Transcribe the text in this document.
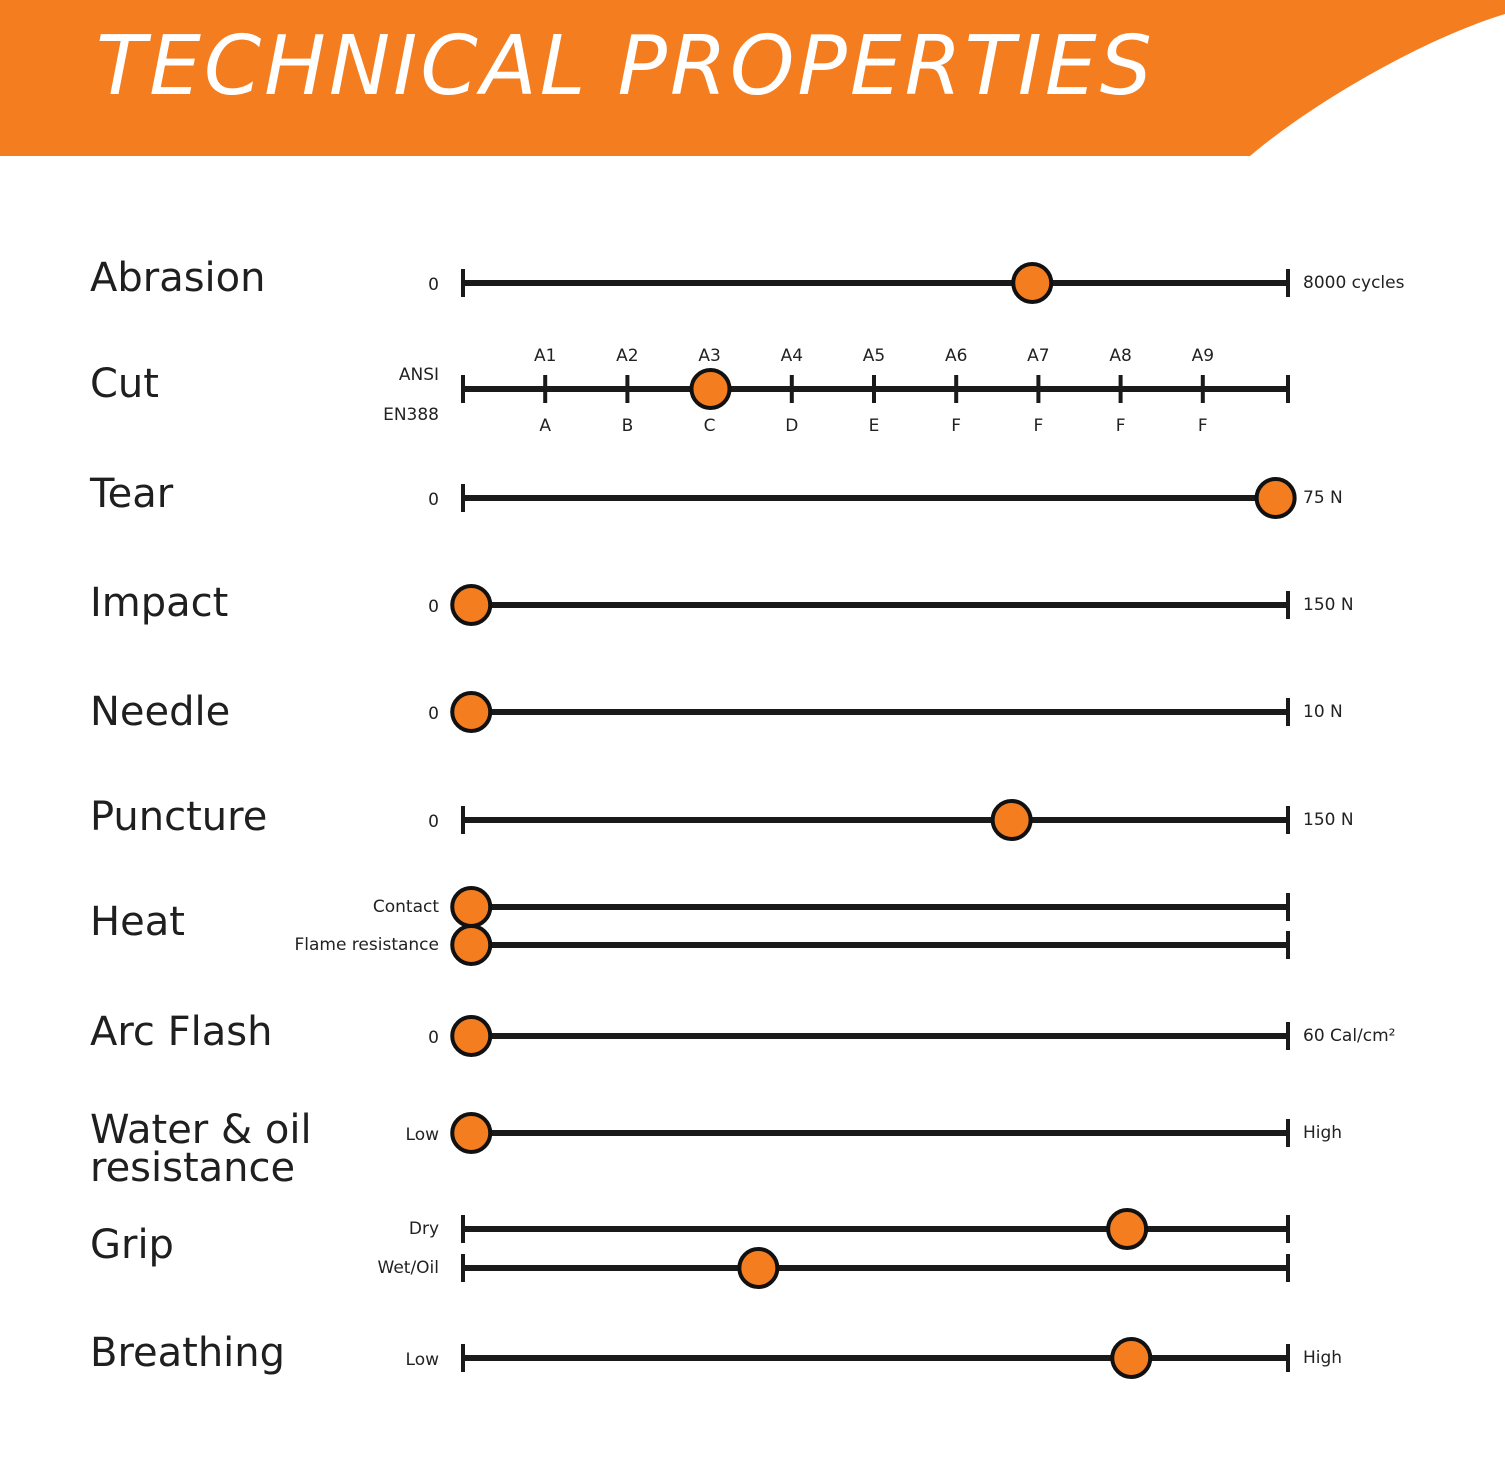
TECHNICAL PROPERTIES
Abrasion	0	8000 cycles
Cut	ANSI
EN388
A1
A
A2
B
A3
C
A4
D
A5
E
A6
F
A7
F
A8
F
A9
F
Tear	0	75 N
Impact	0	150 N
Needle	0	10 N
Puncture	0	150 N
Heat	Contact
Flame resistance
Arc Flash	0	60 Cal/cm²
Water & oil
resistance
Low	High
Grip	Dry
Wet/Oil
Breathing	Low	High
